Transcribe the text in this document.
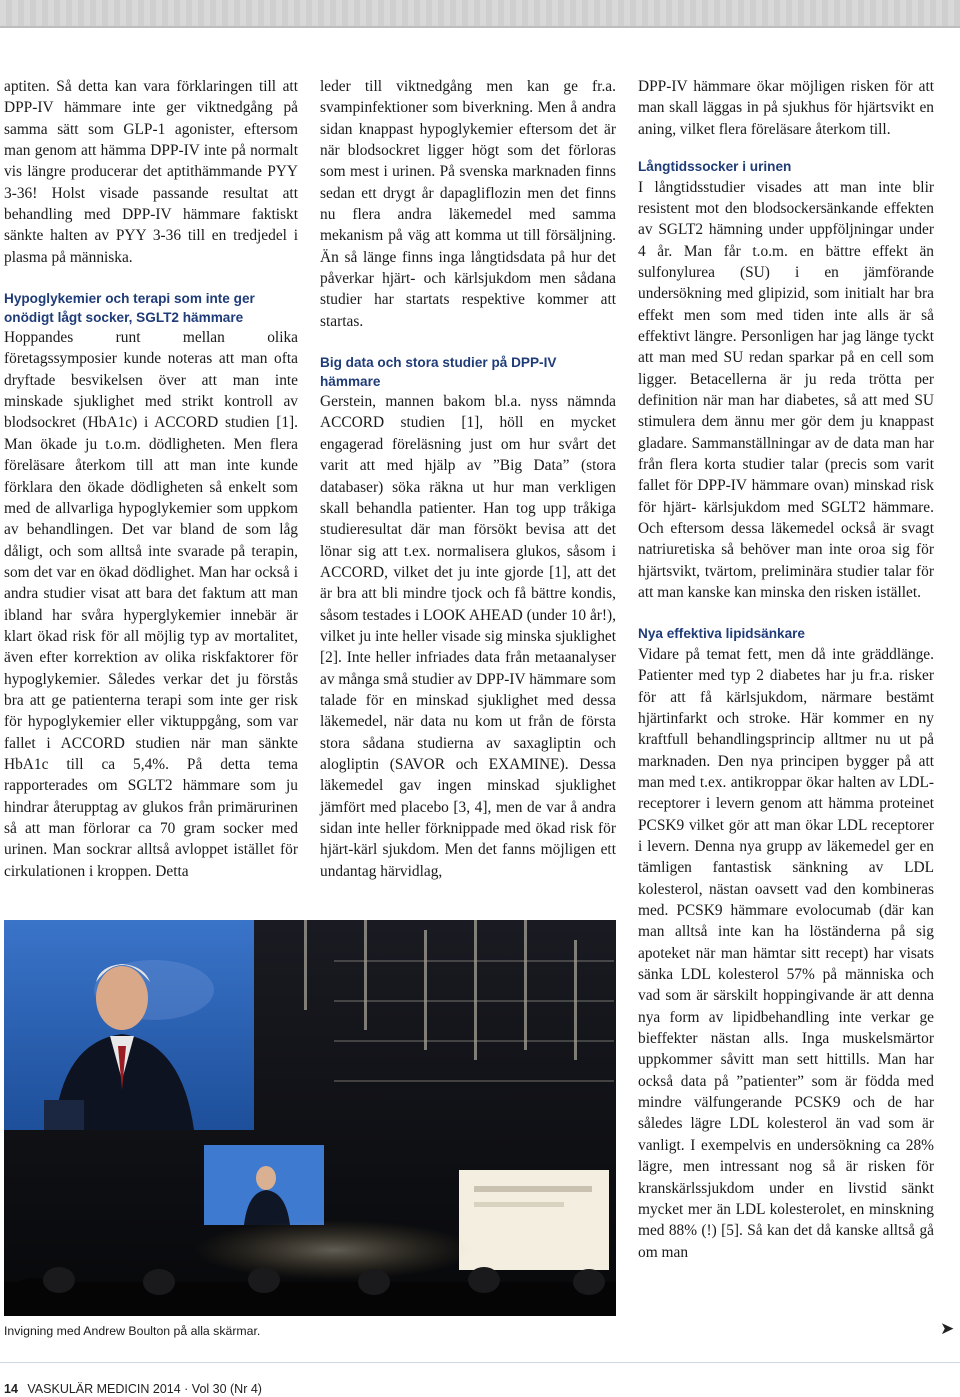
aptiten. Så detta kan vara förklaringen till att DPP-IV hämmare inte ger viktnedgång på samma sätt som GLP-1 agonister, eftersom man genom att hämma DPP-IV inte på normalt vis längre producerar det aptithämmande PYY 3-36! Holst visade passande resultat att behandling med DPP-IV hämmare faktiskt sänkte halten av PYY 3-36 till en tredjedel i plasma på människa.

Hypoglykemier och terapi som inte ger onödigt lågt socker, SGLT2 hämmare

Hoppandes runt mellan olika företagssymposier kunde noteras att man ofta dryftade besvikelsen över att man inte minskade sjuklighet med strikt kontroll av blodsockret (HbA1c) i ACCORD studien [1]. Man ökade ju t.o.m. dödligheten. Men flera föreläsare återkom till att man inte kunde förklara den ökade dödligheten så enkelt som med de allvarliga hypoglykemier som uppkom av behandlingen. Det var bland de som låg dåligt, och som alltså inte svarade på terapin, som det var en ökad dödlighet. Man har också i andra studier visat att bara det faktum att man ibland har svåra hyperglykemier innebär är klart ökad risk för all möjlig typ av mortalitet, även efter korrektion av olika riskfaktorer för hypoglykemier. Således verkar det ju förstås bra att ge patienterna terapi som inte ger risk för hypoglykemier eller viktuppgång, som var fallet i ACCORD studien när man sänkte HbA1c till ca 5,4%. På detta tema rapporterades om SGLT2 hämmare som ju hindrar återupptag av glukos från primärurinen så att man förlorar ca 70 gram socker med urinen. Man sockrar alltså avloppet istället för cirkulationen i kroppen. Detta

leder till viktnedgång men kan ge fr.a. svampinfektioner som biverkning. Men å andra sidan knappast hypoglykemier eftersom det är när blodsockret ligger högt som det förloras som mest i urinen. På svenska marknaden finns sedan ett drygt år dapagliflozin men det finns nu flera andra läkemedel med samma mekanism på väg att komma ut till försäljning. Än så länge finns inga långtidsdata på hur det påverkar hjärt- och kärlsjukdom men sådana studier har startats respektive kommer att startas.

Big data och stora studier på DPP-IV hämmare

Gerstein, mannen bakom bl.a. nyss nämnda ACCORD studien [1], höll en mycket engagerad föreläsning just om hur svårt det varit att med hjälp av ”Big Data” (stora databaser) söka räkna ut hur man verkligen skall behandla patienter. Han tog upp tråkiga studieresultat där man försökt bevisa att det lönar sig att t.ex. normalisera glukos, såsom i ACCORD, vilket det ju inte gjorde [1], att det är bra att bli mindre tjock och få bättre kondis, såsom testades i LOOK AHEAD (under 10 år!), vilket ju inte heller visade sig minska sjuklighet [2]. Inte heller infriades data från metaanalyser av många små studier av DPP-IV hämmare som talade för en minskad sjuklighet med dessa läkemedel, när data nu kom ut från de första stora sådana studierna av saxagliptin och alogliptin (SAVOR och EXAMINE). Dessa läkemedel gav ingen minskad sjuklighet jämfört med placebo [3, 4], men de var å andra sidan inte heller förknippade med ökad risk för hjärt-kärl sjukdom. Men det fanns möjligen ett undantag härvidlag,

DPP-IV hämmare ökar möjligen risken för att man skall läggas in på sjukhus för hjärtsvikt en aning, vilket flera föreläsare återkom till.

Långtidssocker i urinen

I långtidsstudier visades att man inte blir resistent mot den blodsockersänkande effekten av SGLT2 hämning under uppföljningar under 4 år. Man får t.o.m. en bättre effekt än sulfonylurea (SU) i en jämförande undersökning med glipizid, som initialt har bra effekt men som med tiden inte alls är så effektivt längre. Personligen har jag länge tyckt att man med SU redan sparkar på en cell som ligger. Betacellerna är ju reda trötta per definition när man har diabetes, så att med SU stimulera dem ännu mer gör dem ju knappast gladare. Sammanställningar av de data man har från flera korta studier talar (precis som varit fallet för DPP-IV hämmare ovan) minskad risk för hjärt- kärlsjukdom med SGLT2 hämmare. Och eftersom dessa läkemedel också är svagt natriuretiska så behöver man inte oroa sig för hjärtsvikt, tvärtom, preliminära studier talar för att man kanske kan minska den risken istället.

Nya effektiva lipidsänkare

Vidare på temat fett, men då inte gräddlänge. Patienter med typ 2 diabetes har ju fr.a. risker för att få kärlsjukdom, närmare bestämt hjärtinfarkt och stroke. Här kommer en ny kraftfull behandlingsprincip alltmer nu ut på marknaden. Den nya principen bygger på att man med t.ex. antikroppar ökar halten av LDL-receptorer i levern genom att hämma proteinet PCSK9 vilket gör att man ökar LDL receptorer i levern. Denna nya grupp av läkemedel ger en tämligen fantastisk sänkning av LDL kolesterol, nästan oavsett vad den kombineras med. PCSK9 hämmare evolocumab (där kan man alltså inte kan ha löständerna på sig apoteket när man hämtar sitt recept) har visats sänka LDL kolesterol 57% på människa och vad som är särskilt hoppingivande är att denna nya form av lipidbehandling inte verkar ge bieffekter nästan alls. Inga muskelsmärtor uppkommer såvitt man sett hittills. Man har också data på ”patienter” som är födda med mindre välfungerande PCSK9 och de har således lägre LDL kolesterol än vad som är vanligt. I exempelvis en undersökning ca 28% lägre, men intressant nog så är risken för kranskärlssjukdom under en livstid sänkt mycket mer än LDL kolesterolet, en minskning med 88% (!) [5]. Så kan det då kanske alltså gå om man

Invigning med Andrew Boulton på alla skärmar.	➤
14 VASKULÄR MEDICIN 2014 · Vol 30 (Nr 4)
